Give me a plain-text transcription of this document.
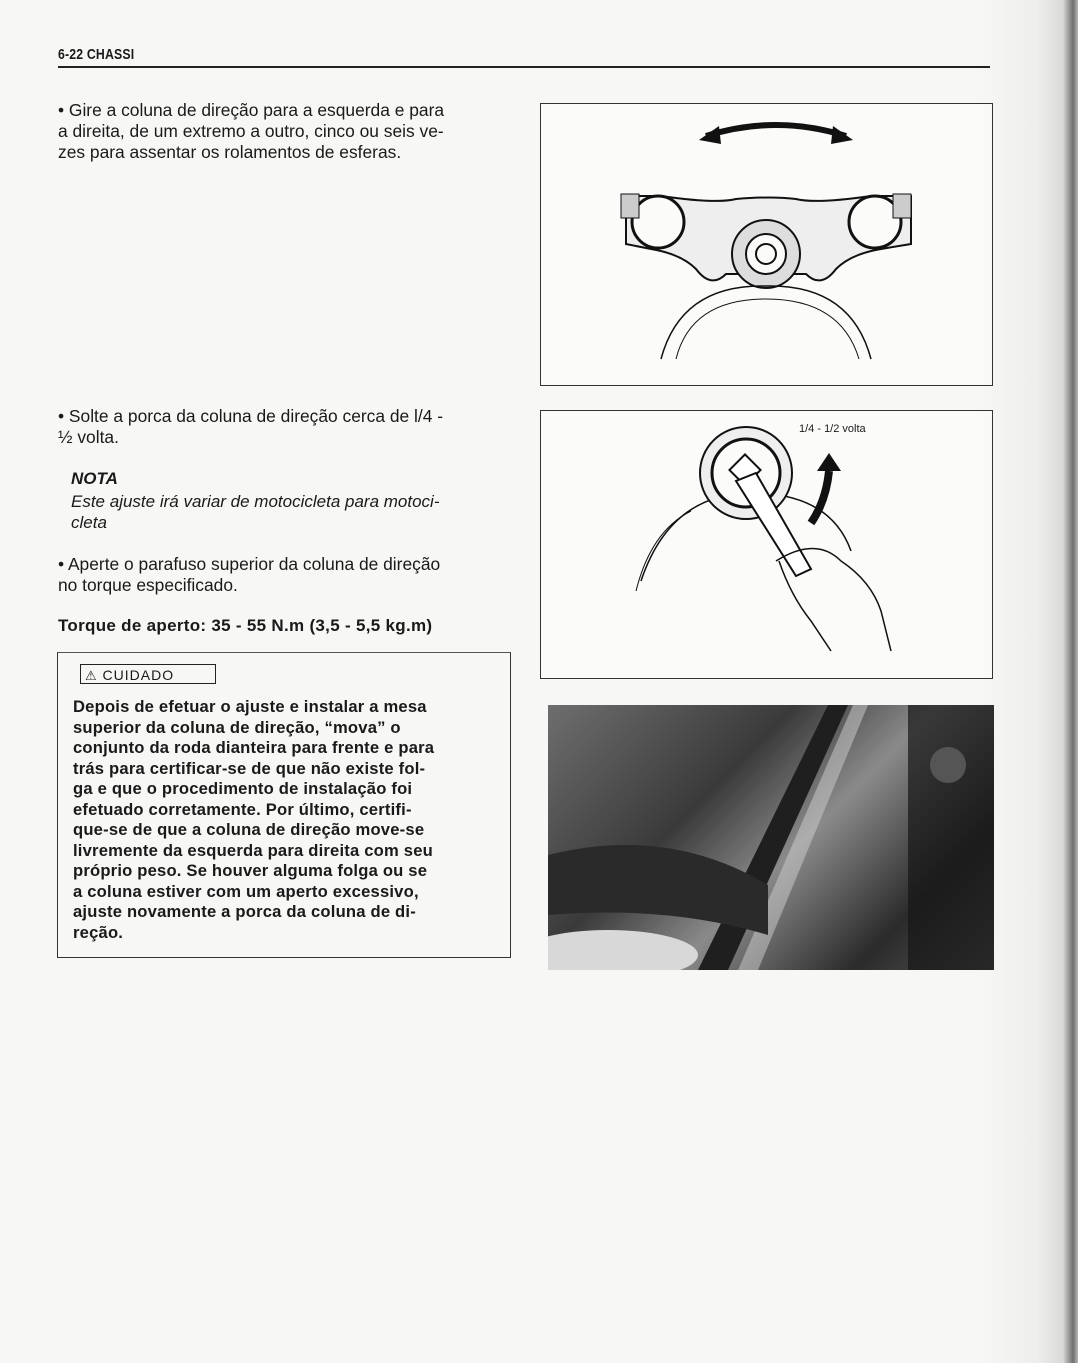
6-22 CHASSI

• Gire a coluna de direção para a esquerda e para
a direita, de um extremo a outro, cinco ou seis ve-
zes para assentar os rolamentos de esferas.

• Solte a porca da coluna de direção cerca de l/4 -
½ volta.

NOTA
Este ajuste irá variar de motocicleta para motoci-
cleta

• Aperte o parafuso superior da coluna de direção
no torque especificado.

Torque de aperto: 35 - 55 N.m (3,5 - 5,5 kg.m)
1/4 - 1/2 volta
⚠ CUIDADO
Depois de efetuar o ajuste e instalar a mesa
superior da coluna de direção, “mova” o
conjunto da roda dianteira para frente e para
trás para certificar-se de que não existe fol-
ga e que o procedimento de instalação foi
efetuado corretamente. Por último, certifi-
que-se de que a coluna de direção move-se
livremente da esquerda para direita com seu
próprio peso. Se houver alguma folga ou se
a coluna estiver com um aperto excessivo,
ajuste novamente a porca da coluna de di-
reção.
